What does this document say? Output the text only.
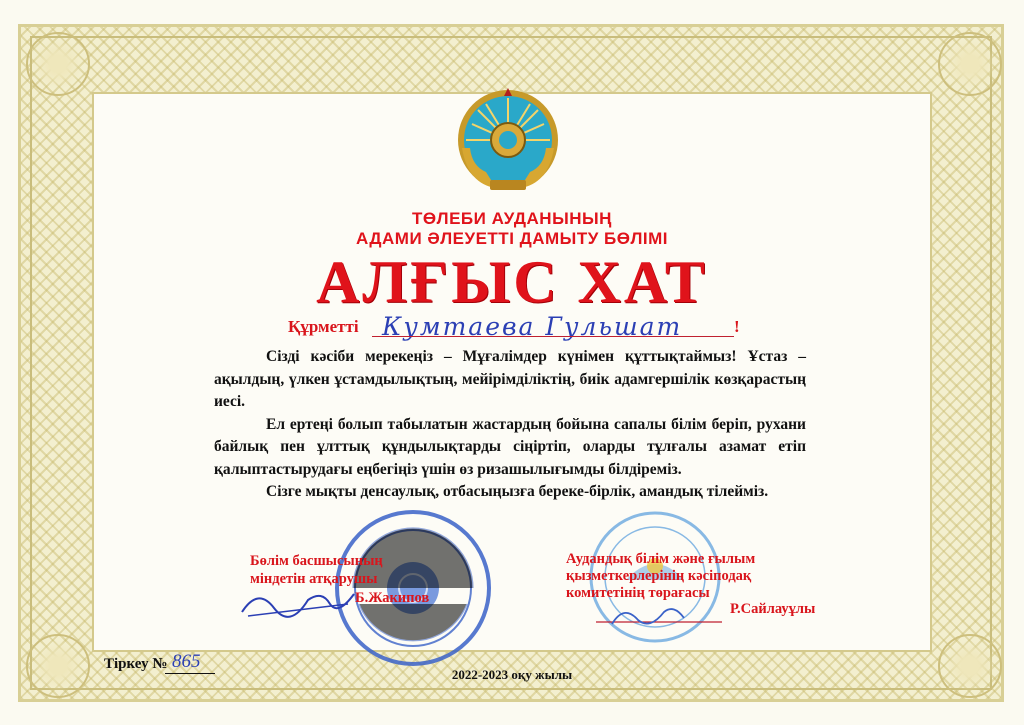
ТӨЛЕБИ АУДАНЫНЫҢ
АДАМИ ӘЛЕУЕТТІ ДАМЫТУ БӨЛІМІ
АЛҒЫС ХАТ
Құрметті Кумтаева Гульшат	!

Сізді кәсіби мерекеңіз – Мұғалімдер күнімен құттықтаймыз! Ұстаз – ақылдың, үлкен ұстамдылықтың, мейірімділіктің, биік адамгершілік көзқарастың иесі.

Ел ертеңі болып табылатын жастардың бойына сапалы білім беріп, рухани байлық пен ұлттық құндылықтарды сіңіртіп, оларды тұлғалы азамат етіп қалыптастырудағы еңбегіңіз үшін өз ризашылығымды білдіреміз.

Сізге мықты денсаулық, отбасыңызға береке-бірлік, амандық тілейміз.

Бөлім басшысының
міндетін атқарушы
Б.Жакипов
Аудандық білім және ғылым
қызметкерлерінің кәсіподақ
комитетінің төрағасы
Р.Сайлауұлы
Тіркеу № 865
2022-2023 оқу жылы
